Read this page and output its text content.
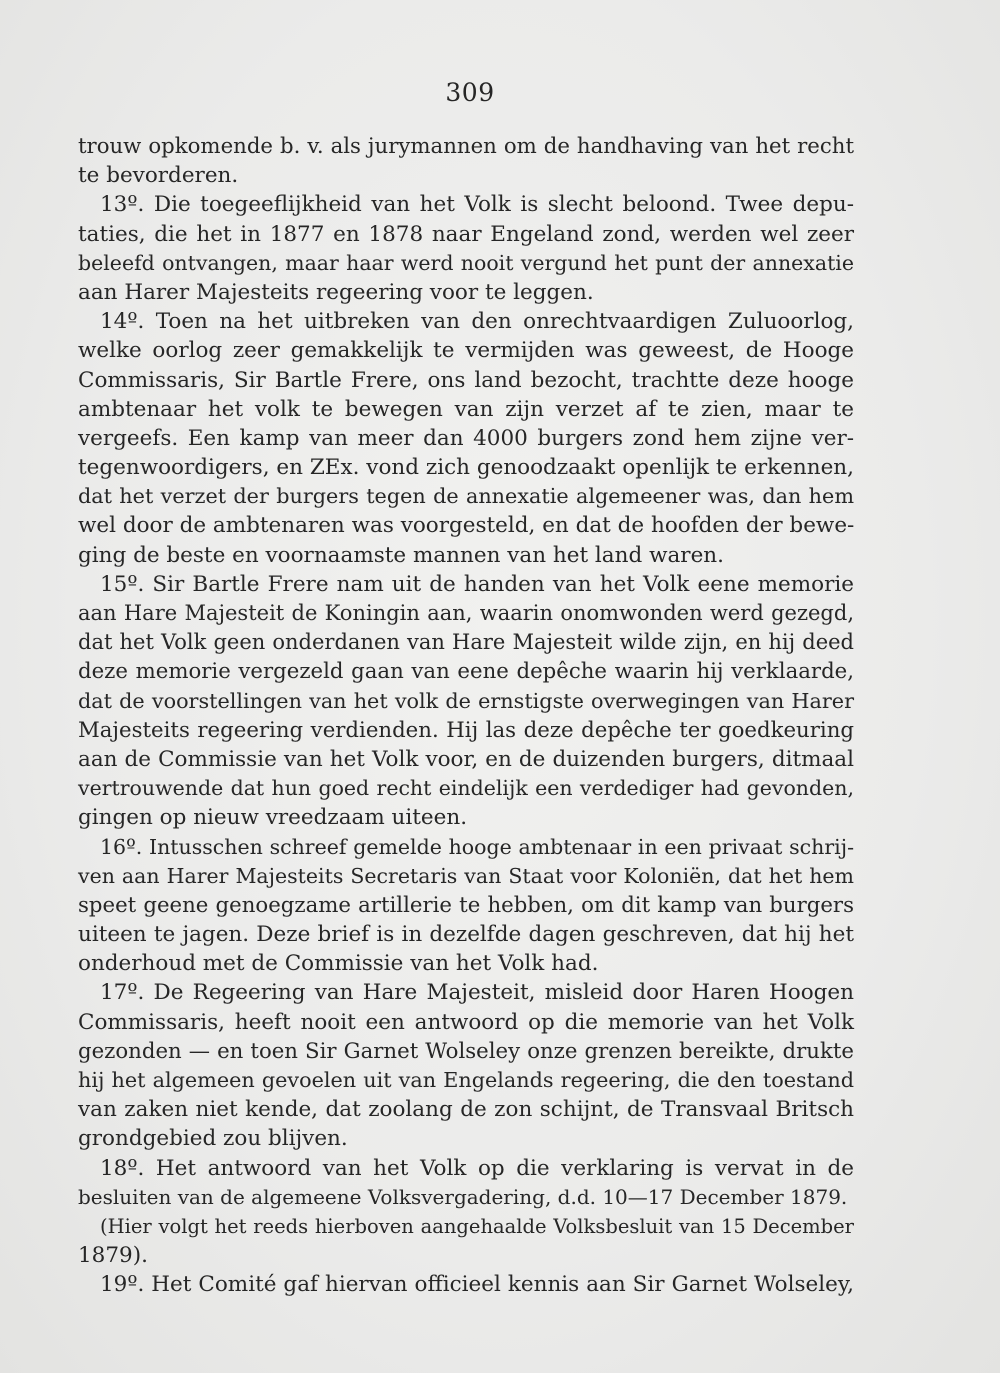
309
trouw opkomende b. v. als jurymannen om de handhaving van het recht
te bevorderen.
13º. Die toegeeflijkheid van het Volk is slecht beloond. Twee depu-
taties, die het in 1877 en 1878 naar Engeland zond, werden wel zeer
beleefd ontvangen, maar haar werd nooit vergund het punt der annexatie
aan Harer Majesteits regeering voor te leggen.
14º. Toen na het uitbreken van den onrechtvaardigen Zuluoorlog,
welke oorlog zeer gemakkelijk te vermijden was geweest, de Hooge
Commissaris, Sir Bartle Frere, ons land bezocht, trachtte deze hooge
ambtenaar het volk te bewegen van zijn verzet af te zien, maar te
vergeefs. Een kamp van meer dan 4000 burgers zond hem zijne ver-
tegenwoordigers, en ZEx. vond zich genoodzaakt openlijk te erkennen,
dat het verzet der burgers tegen de annexatie algemeener was, dan hem
wel door de ambtenaren was voorgesteld, en dat de hoofden der bewe-
ging de beste en voornaamste mannen van het land waren.
15º. Sir Bartle Frere nam uit de handen van het Volk eene memorie
aan Hare Majesteit de Koningin aan, waarin onomwonden werd gezegd,
dat het Volk geen onderdanen van Hare Majesteit wilde zijn, en hij deed
deze memorie vergezeld gaan van eene depêche waarin hij verklaarde,
dat de voorstellingen van het volk de ernstigste overwegingen van Harer
Majesteits regeering verdienden. Hij las deze depêche ter goedkeuring
aan de Commissie van het Volk voor, en de duizenden burgers, ditmaal
vertrouwende dat hun goed recht eindelijk een verdediger had gevonden,
gingen op nieuw vreedzaam uiteen.
16º. Intusschen schreef gemelde hooge ambtenaar in een privaat schrij-
ven aan Harer Majesteits Secretaris van Staat voor Koloniën, dat het hem
speet geene genoegzame artillerie te hebben, om dit kamp van burgers
uiteen te jagen. Deze brief is in dezelfde dagen geschreven, dat hij het
onderhoud met de Commissie van het Volk had.
17º. De Regeering van Hare Majesteit, misleid door Haren Hoogen
Commissaris, heeft nooit een antwoord op die memorie van het Volk
gezonden — en toen Sir Garnet Wolseley onze grenzen bereikte, drukte
hij het algemeen gevoelen uit van Engelands regeering, die den toestand
van zaken niet kende, dat zoolang de zon schijnt, de Transvaal Britsch
grondgebied zou blijven.
18º. Het antwoord van het Volk op die verklaring is vervat in de
besluiten van de algemeene Volksvergadering, d.d. 10—17 December 1879.
(Hier volgt het reeds hierboven aangehaalde Volksbesluit van 15 December
1879).
19º. Het Comité gaf hiervan officieel kennis aan Sir Garnet Wolseley,
